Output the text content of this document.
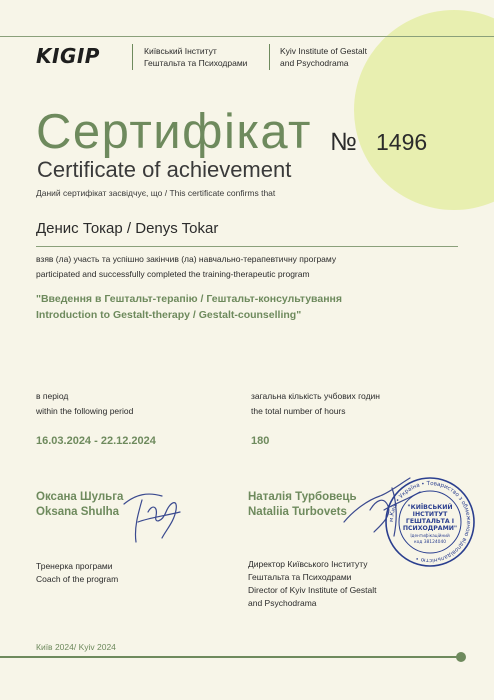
KIGIP	Київський Інститут
Гештальта та Психодрами
Kyiv Institute of Gestalt
and Psychodrama
Сертифікат
Certificate of achievement
№ 1496
Даний сертифікат засвідчує, що / This certificate confirms that
Денис Токар / Denys Tokar
взяв (ла) участь та успішно закінчив (ла) навчально-терапевтичну програму
participated and successfully completed the training-therapeutic program
"Введення в Гештальт-терапію / Гештальт-консультування
Introduction to Gestalt-therapy / Gestalt-counselling"
в період
within the following period
16.03.2024 - 22.12.2024
загальна кількість учбових годин
the total number of hours
180
Оксана Шульга
Oksana Shulha
Тренерка програми
Coach of the program
Наталія Турбовець
Nataliia Turbovets
Директор Київського Інституту
Гештальта та Психодрами
Director of Kyiv Institute of Gestalt
and Psychodrama
м.Київ • Україна • Товариство з обмеженою відповідальністю •
"КИЇВСЬКИЙ
ІНСТИТУТ
ГЕШТАЛЬТА І
ПСИХОДРАМИ"
Ідентифікаційний
код 38124040
Київ 2024/ Kyiv 2024
